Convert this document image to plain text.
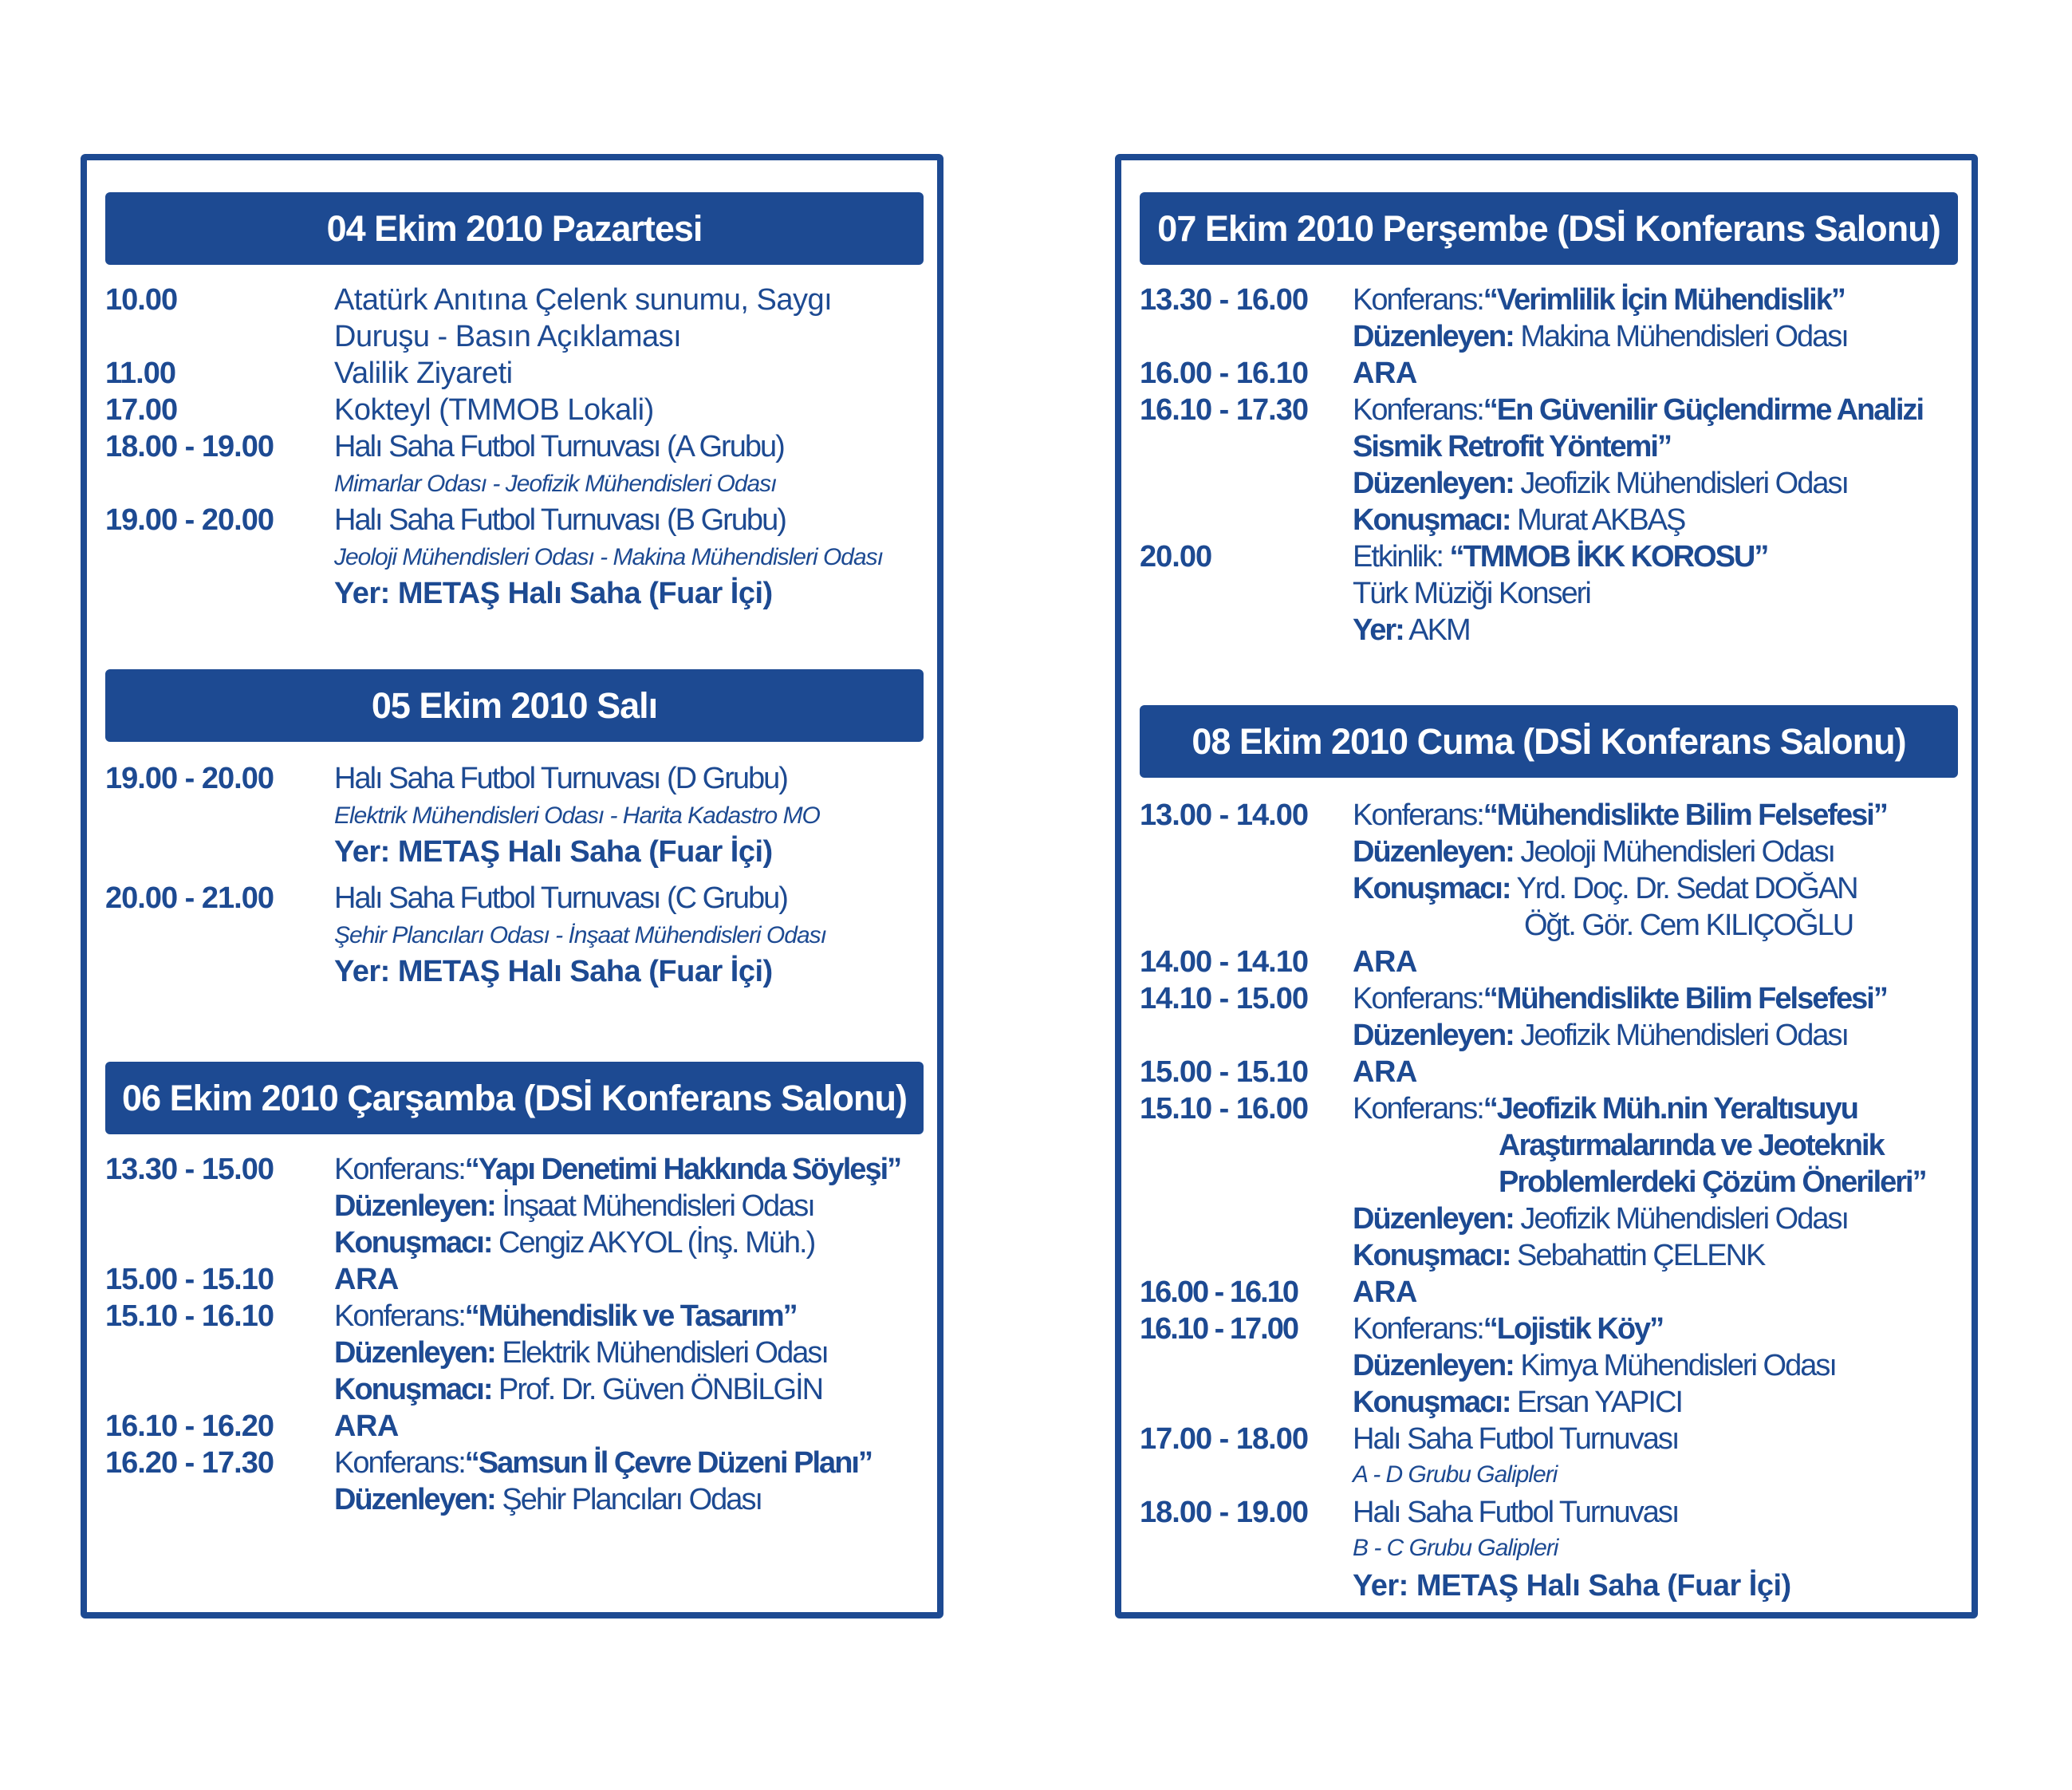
04 Ekim 2010 Pazartesi
10.00	Atatürk Anıtına Çelenk sunumu, Saygı
Duruşu - Basın Açıklaması
11.00	Valilik Ziyareti
17.00	Kokteyl (TMMOB Lokali)
18.00 - 19.00 Halı Saha Futbol Turnuvası (A Grubu)
Mimarlar Odası - Jeofizik Mühendisleri Odası
19.00 - 20.00 Halı Saha Futbol Turnuvası (B Grubu)
Jeoloji Mühendisleri Odası - Makina Mühendisleri Odası
Yer: METAŞ Halı Saha (Fuar İçi)
05 Ekim 2010 Salı
19.00 - 20.00 Halı Saha Futbol Turnuvası (D Grubu)
Elektrik Mühendisleri Odası - Harita Kadastro MO
Yer: METAŞ Halı Saha (Fuar İçi)
20.00 - 21.00 Halı Saha Futbol Turnuvası (C Grubu)
Şehir Plancıları Odası - İnşaat Mühendisleri Odası
Yer: METAŞ Halı Saha (Fuar İçi)
06 Ekim 2010 Çarşamba (DSİ Konferans Salonu)
13.30 - 15.00 Konferans:“Yapı Denetimi Hakkında Söyleşi”
Düzenleyen: İnşaat Mühendisleri Odası
Konuşmacı: Cengiz AKYOL (İnş. Müh.)
15.00 - 15.10 ARA
15.10 - 16.10 Konferans:“Mühendislik ve Tasarım”
Düzenleyen: Elektrik Mühendisleri Odası
Konuşmacı: Prof. Dr. Güven ÖNBİLGİN
16.10 - 16.20 ARA
16.20 - 17.30 Konferans:“Samsun İl Çevre Düzeni Planı”
Düzenleyen: Şehir Plancıları Odası
07 Ekim 2010 Perşembe (DSİ Konferans Salonu)
13.30 - 16.00 Konferans:“Verimlilik İçin Mühendislik”
Düzenleyen: Makina Mühendisleri Odası
16.00 - 16.10 ARA
16.10 - 17.30 Konferans:“En Güvenilir Güçlendirme Analizi
Sismik Retrofit Yöntemi”
Düzenleyen: Jeofizik Mühendisleri Odası
Konuşmacı: Murat AKBAŞ
20.00	Etkinlik: “TMMOB İKK KOROSU”
Türk Müziği Konseri
Yer: AKM
08 Ekim 2010 Cuma (DSİ Konferans Salonu)
13.00 - 14.00 Konferans:“Mühendislikte Bilim Felsefesi”
Düzenleyen: Jeoloji Mühendisleri Odası
Konuşmacı: Yrd. Doç. Dr. Sedat DOĞAN
Öğt. Gör. Cem KILIÇOĞLU
14.00 - 14.10 ARA
14.10 - 15.00 Konferans:“Mühendislikte Bilim Felsefesi”
Düzenleyen: Jeofizik Mühendisleri Odası
15.00 - 15.10 ARA
15.10 - 16.00 Konferans:“Jeofizik Müh.nin Yeraltısuyu
Araştırmalarında ve Jeoteknik
Problemlerdeki Çözüm Önerileri”
Düzenleyen: Jeofizik Mühendisleri Odası
Konuşmacı: Sebahattin ÇELENK
16.00 - 16.10 ARA
16.10 - 17.00 Konferans:“Lojistik Köy”
Düzenleyen: Kimya Mühendisleri Odası
Konuşmacı: Ersan YAPICI
17.00 - 18.00 Halı Saha Futbol Turnuvası
A - D Grubu Galipleri
18.00 - 19.00 Halı Saha Futbol Turnuvası
B - C Grubu Galipleri
Yer: METAŞ Halı Saha (Fuar İçi)
